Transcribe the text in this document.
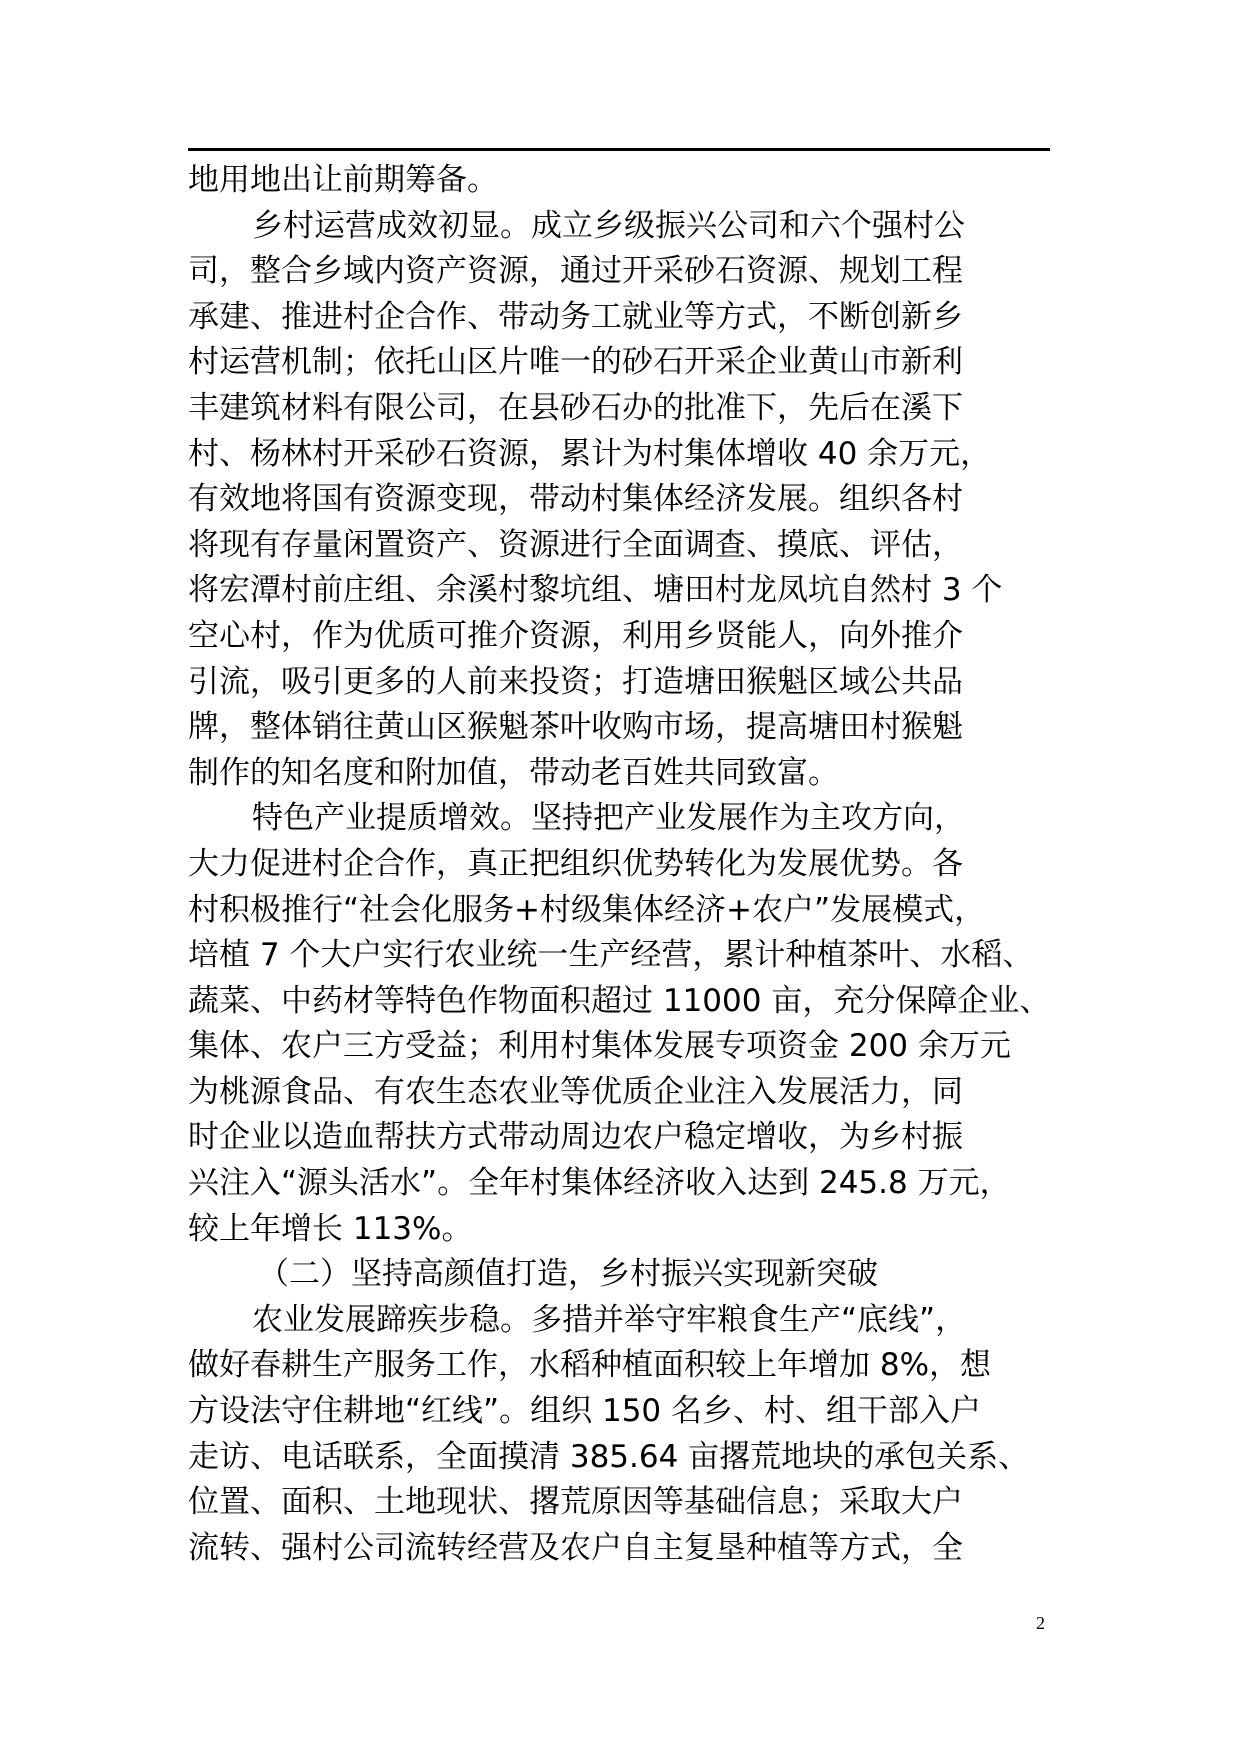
地用地出让前期筹备。
乡村运营成效初显。成立乡级振兴公司和六个强村公
司，整合乡域内资产资源，通过开采砂石资源、规划工程
承建、推进村企合作、带动务工就业等方式，不断创新乡
村运营机制；依托山区片唯一的砂石开采企业黄山市新利
丰建筑材料有限公司，在县砂石办的批准下，先后在溪下
村、杨林村开采砂石资源，累计为村集体增收 40 余万元，
有效地将国有资源变现，带动村集体经济发展。组织各村
将现有存量闲置资产、资源进行全面调查、摸底、评估，
将宏潭村前庄组、余溪村黎坑组、塘田村龙凤坑自然村 3 个
空心村，作为优质可推介资源，利用乡贤能人，向外推介
引流，吸引更多的人前来投资；打造塘田猴魁区域公共品
牌，整体销往黄山区猴魁茶叶收购市场，提高塘田村猴魁
制作的知名度和附加值，带动老百姓共同致富。
特色产业提质增效。坚持把产业发展作为主攻方向，
大力促进村企合作，真正把组织优势转化为发展优势。各
村积极推行“社会化服务+村级集体经济+农户”发展模式，
培植 7 个大户实行农业统一生产经营，累计种植茶叶、水稻、
蔬菜、中药材等特色作物面积超过 11000 亩，充分保障企业、
集体、农户三方受益；利用村集体发展专项资金 200 余万元
为桃源食品、有农生态农业等优质企业注入发展活力，同
时企业以造血帮扶方式带动周边农户稳定增收，为乡村振
兴注入“源头活水”。全年村集体经济收入达到 245.8 万元，
较上年增长 113%。
（二）坚持高颜值打造，乡村振兴实现新突破
农业发展蹄疾步稳。多措并举守牢粮食生产“底线”，
做好春耕生产服务工作，水稻种植面积较上年增加 8%，想
方设法守住耕地“红线”。组织 150 名乡、村、组干部入户
走访、电话联系，全面摸清 385.64 亩撂荒地块的承包关系、
位置、面积、土地现状、撂荒原因等基础信息；采取大户
流转、强村公司流转经营及农户自主复垦种植等方式，全
2
